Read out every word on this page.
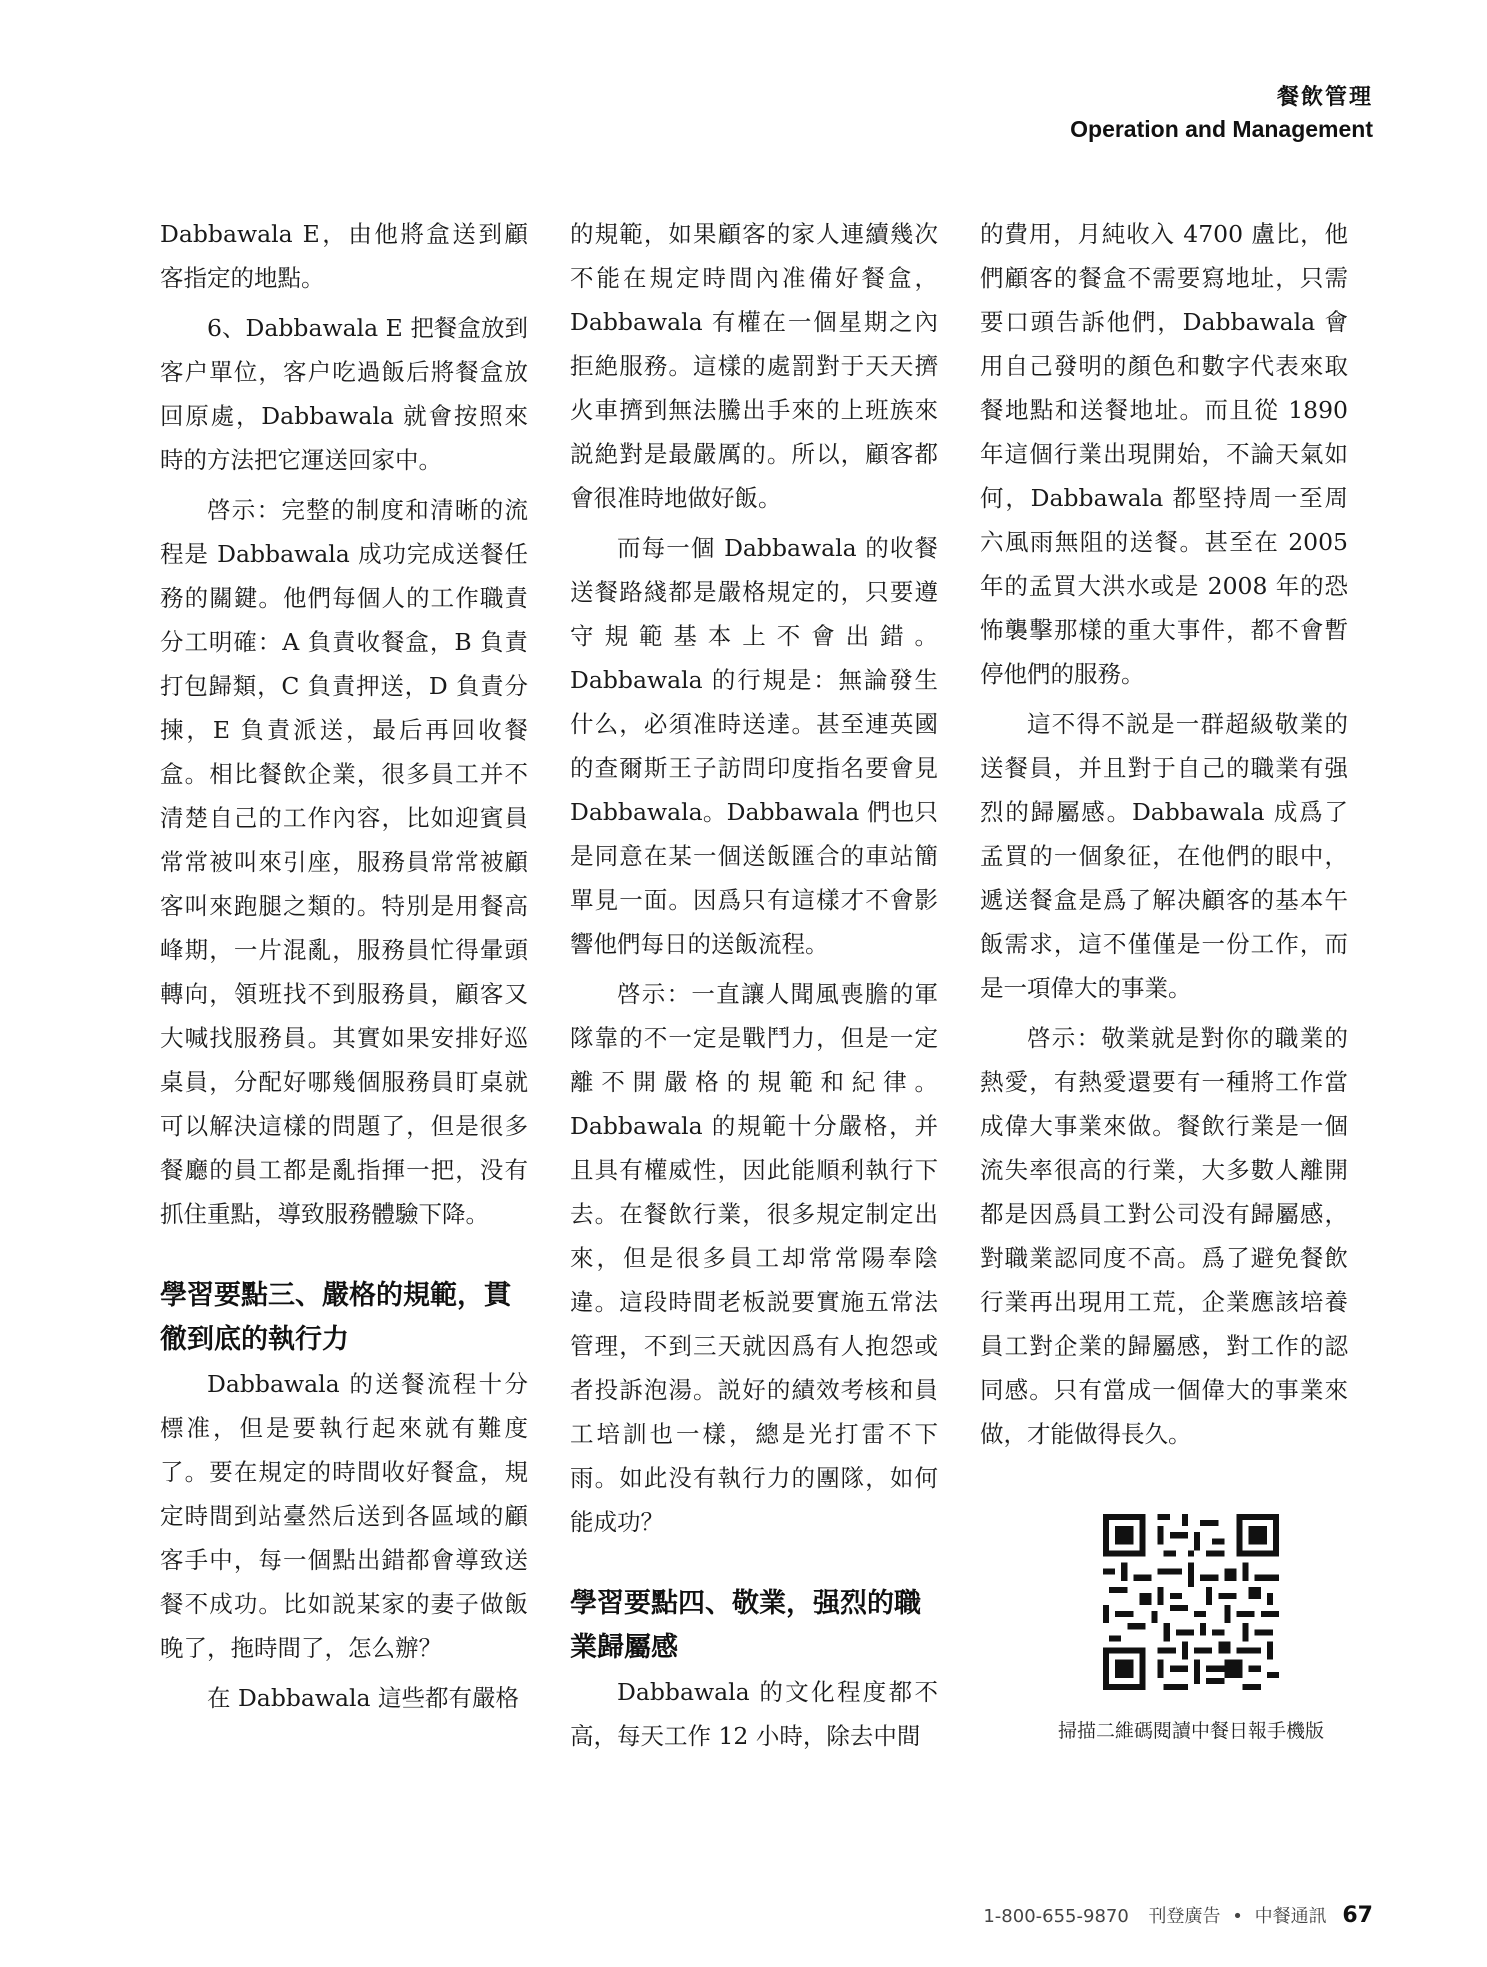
餐飲管理
Operation and Management

Dabbawala E，由他將盒送到顧客指定的地點。

6、Dabbawala E 把餐盒放到客户單位，客户吃過飯后將餐盒放回原處，Dabbawala 就會按照來時的方法把它運送回家中。

啓示：完整的制度和清晰的流程是 Dabbawala 成功完成送餐任務的關鍵。他們每個人的工作職責分工明確：A 負責收餐盒，B 負責打包歸類，C 負責押送，D 負責分揀，E 負責派送，最后再回收餐盒。相比餐飲企業，很多員工并不清楚自己的工作內容，比如迎賓員常常被叫來引座，服務員常常被顧客叫來跑腿之類的。特別是用餐高峰期，一片混亂，服務員忙得暈頭轉向，領班找不到服務員，顧客又大喊找服務員。其實如果安排好巡桌員，分配好哪幾個服務員盯桌就可以解決這樣的問題了，但是很多餐廳的員工都是亂指揮一把，没有抓住重點，導致服務體驗下降。

學習要點三、嚴格的規範，貫徹到底的執行力

Dabbawala 的送餐流程十分標准，但是要執行起來就有難度了。要在規定的時間收好餐盒，規定時間到站臺然后送到各區域的顧客手中，每一個點出錯都會導致送餐不成功。比如説某家的妻子做飯晚了，拖時間了，怎么辦？

在 Dabbawala 這些都有嚴格

的規範，如果顧客的家人連續幾次不能在規定時間內准備好餐盒，Dabbawala 有權在一個星期之內拒絶服務。這樣的處罰對于天天擠火車擠到無法騰出手來的上班族來説絶對是最嚴厲的。所以，顧客都會很准時地做好飯。

而每一個 Dabbawala 的收餐送餐路綫都是嚴格規定的，只要遵守規範基本上不會出錯。Dabbawala 的行規是：無論發生什么，必須准時送達。甚至連英國的查爾斯王子訪問印度指名要會見 Dabbawala。Dabbawala 們也只是同意在某一個送飯匯合的車站簡單見一面。因爲只有這樣才不會影響他們每日的送飯流程。

啓示：一直讓人聞風喪膽的軍隊靠的不一定是戰鬥力，但是一定離不開嚴格的規範和紀律。Dabbawala 的規範十分嚴格，并且具有權威性，因此能順利執行下去。在餐飲行業，很多規定制定出來，但是很多員工却常常陽奉陰違。這段時間老板説要實施五常法管理，不到三天就因爲有人抱怨或者投訴泡湯。説好的績效考核和員工培訓也一樣，總是光打雷不下雨。如此没有執行力的團隊，如何能成功？

學習要點四、敬業，强烈的職業歸屬感

Dabbawala 的文化程度都不高，每天工作 12 小時，除去中間

的費用，月純收入 4700 盧比，他們顧客的餐盒不需要寫地址，只需要口頭告訴他們，Dabbawala 會用自己發明的顏色和數字代表來取餐地點和送餐地址。而且從 1890 年這個行業出現開始，不論天氣如何，Dabbawala 都堅持周一至周六風雨無阻的送餐。甚至在 2005 年的孟買大洪水或是 2008 年的恐怖襲擊那樣的重大事件，都不會暫停他們的服務。

這不得不説是一群超級敬業的送餐員，并且對于自己的職業有强烈的歸屬感。Dabbawala 成爲了孟買的一個象征，在他們的眼中，遞送餐盒是爲了解决顧客的基本午飯需求，這不僅僅是一份工作，而是一項偉大的事業。

啓示：敬業就是對你的職業的熱愛，有熱愛還要有一種將工作當成偉大事業來做。餐飲行業是一個流失率很高的行業，大多數人離開都是因爲員工對公司没有歸屬感，對職業認同度不高。爲了避免餐飲行業再出現用工荒，企業應該培養員工對企業的歸屬感，對工作的認同感。只有當成一個偉大的事業來做，才能做得長久。

掃描二維碼閱讀中餐日報手機版
1-800-655-9870 刊登廣告 • 中餐通訊 67
